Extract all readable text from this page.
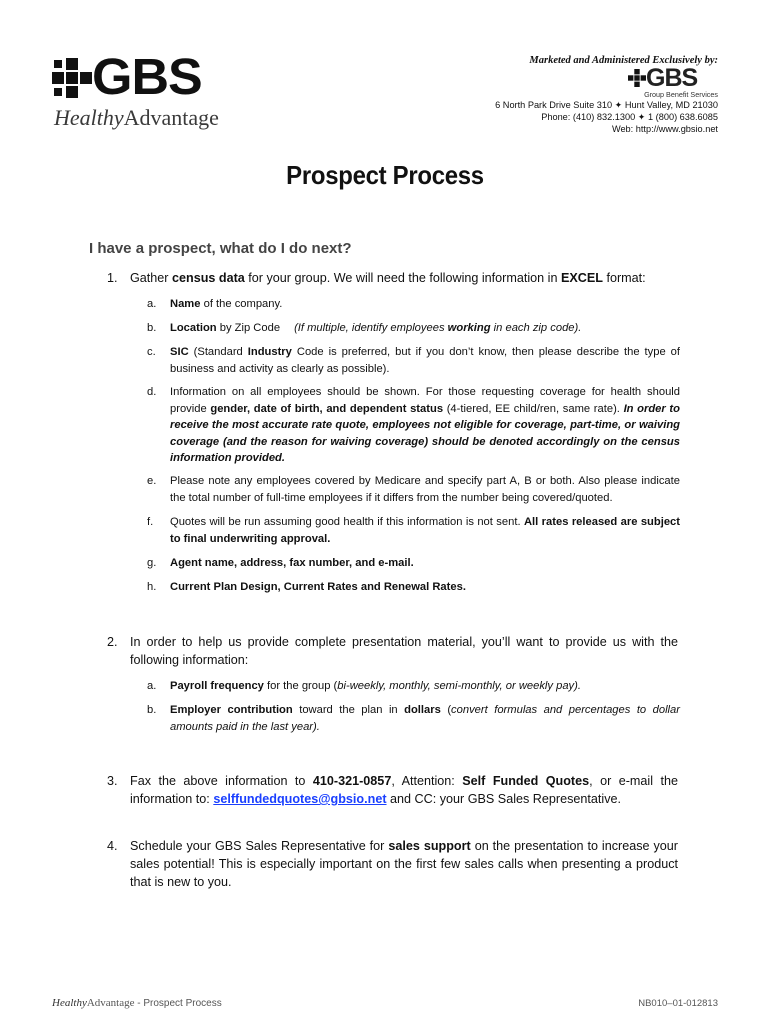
GBS
HealthyAdvantage
Marketed and Administered Exclusively by:
GBS
Group Benefit Services
6 North Park Drive Suite 310 ✦ Hunt Valley, MD 21030
Phone: (410) 832.1300 ✦ 1 (800) 638.6085
Web: http://www.gbsio.net
Prospect Process
I have a prospect, what do I do next?
1. Gather census data for your group. We will need the following information in EXCEL format:
a. Name of the company.
b. Location by Zip Code (If multiple, identify employees working in each zip code).
c. SIC (Standard Industry Code is preferred, but if you don’t know, then please describe the type of business and activity as clearly as possible).
d. Information on all employees should be shown. For those requesting coverage for health should provide gender, date of birth, and dependent status (4-tiered, EE child/ren, same rate). In order to receive the most accurate rate quote, employees not eligible for coverage, part-time, or waiving coverage (and the reason for waiving coverage) should be denoted accordingly on the census information provided.
e. Please note any employees covered by Medicare and specify part A, B or both. Also please indicate the total number of full-time employees if it differs from the number being covered/quoted.
f. Quotes will be run assuming good health if this information is not sent. All rates released are subject to final underwriting approval.
g. Agent name, address, fax number, and e-mail.
h. Current Plan Design, Current Rates and Renewal Rates.
2. In order to help us provide complete presentation material, you’ll want to provide us with the following information:
a. Payroll frequency for the group (bi-weekly, monthly, semi-monthly, or weekly pay).
b. Employer contribution toward the plan in dollars (convert formulas and percentages to dollar amounts paid in the last year).
3. Fax the above information to 410-321-0857, Attention: Self Funded Quotes, or e-mail the information to: selffundedquotes@gbsio.net and CC: your GBS Sales Representative.
4. Schedule your GBS Sales Representative for sales support on the presentation to increase your sales potential! This is especially important on the first few sales calls when presenting a product that is new to you.
HealthyAdvantage - Prospect Process	NB010–01-012813
